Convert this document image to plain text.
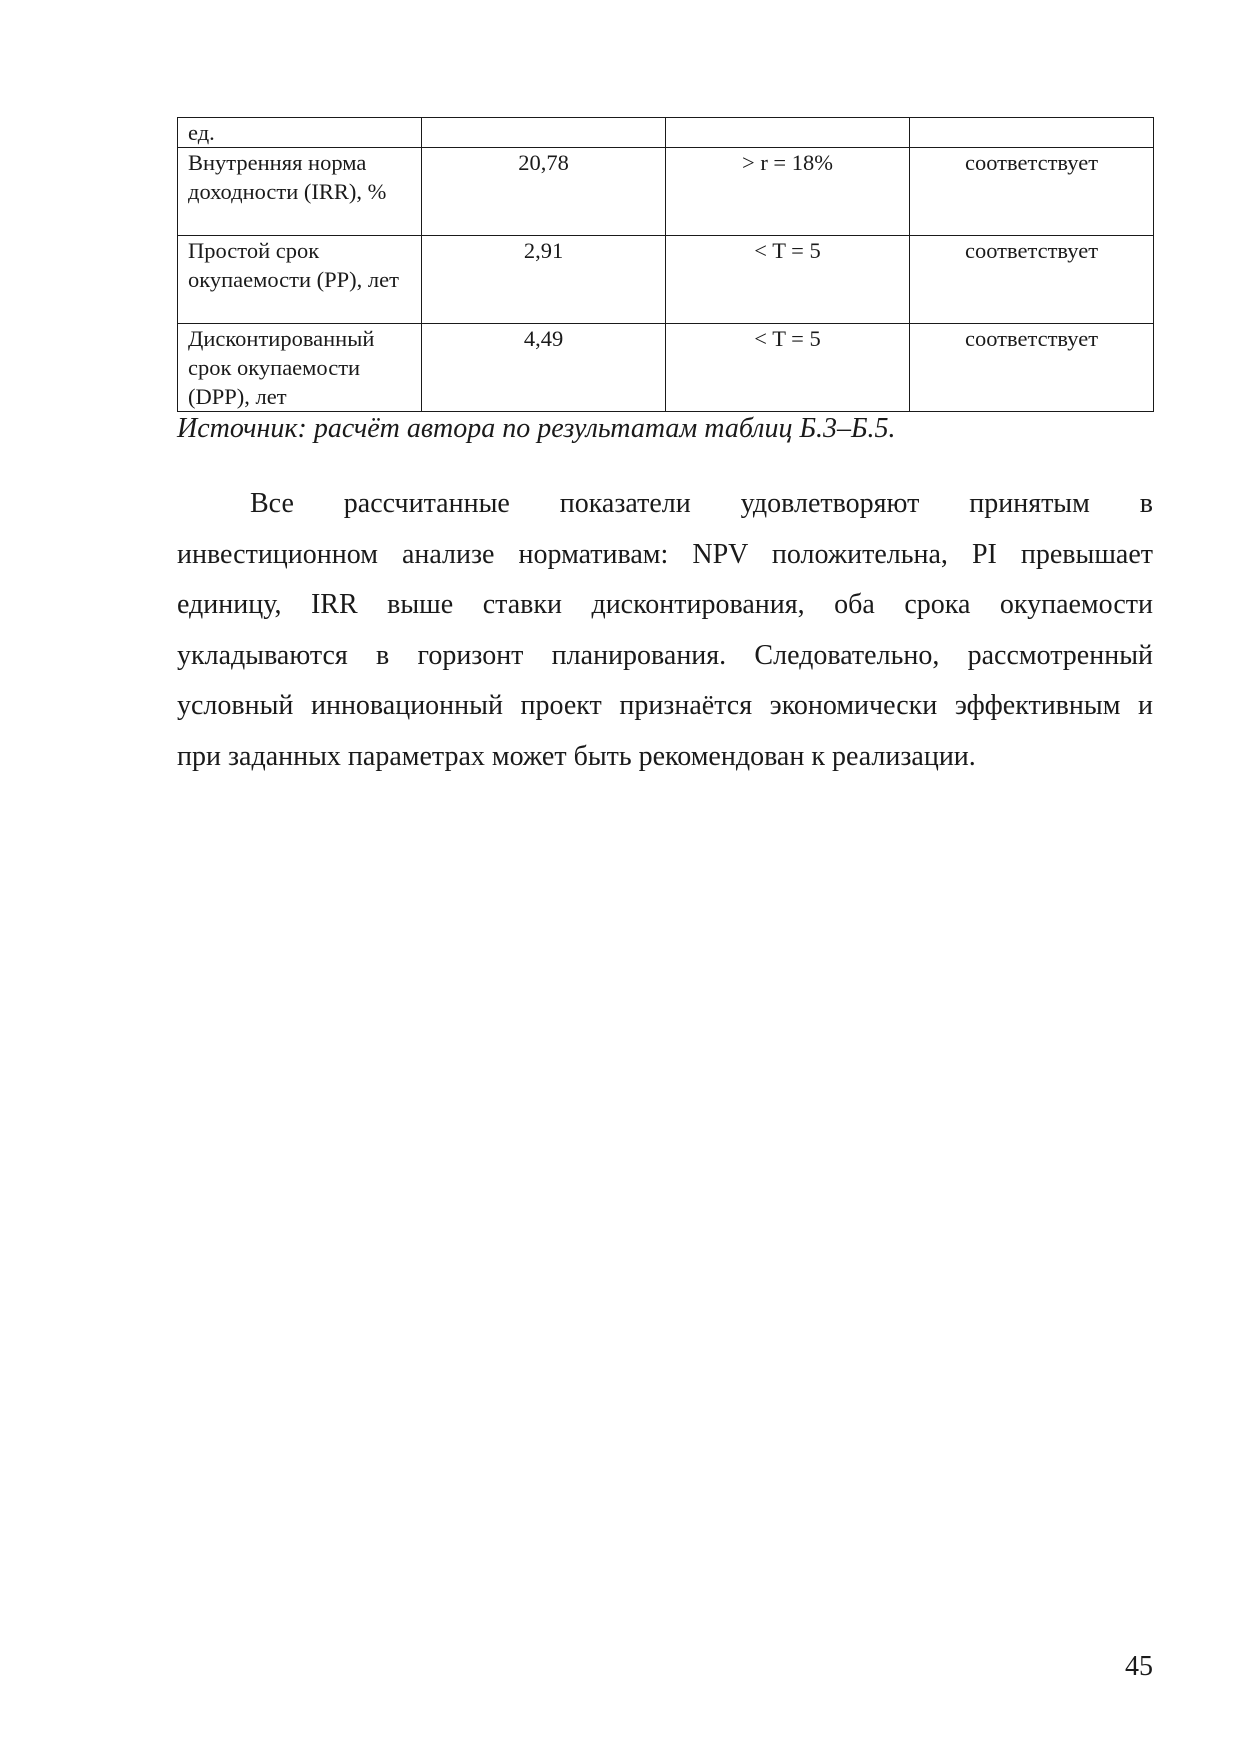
ед.			
Внутренняя норма доходности (IRR), %	20,78	> r = 18%	соответствует
Простой срок окупаемости (PP), лет	2,91	< T = 5	соответствует
Дисконтированный срок окупаемости (DPP), лет	4,49	< T = 5	соответствует
Источник: расчёт автора по результатам таблиц Б.3–Б.5.
Все рассчитанные показатели удовлетворяют принятым в
инвестиционном анализе нормативам: NPV положительна, PI превышает
единицу, IRR выше ставки дисконтирования, оба срока окупаемости
укладываются в горизонт планирования. Следовательно, рассмотренный
условный инновационный проект признаётся экономически эффективным и
при заданных параметрах может быть рекомендован к реализации.
45
